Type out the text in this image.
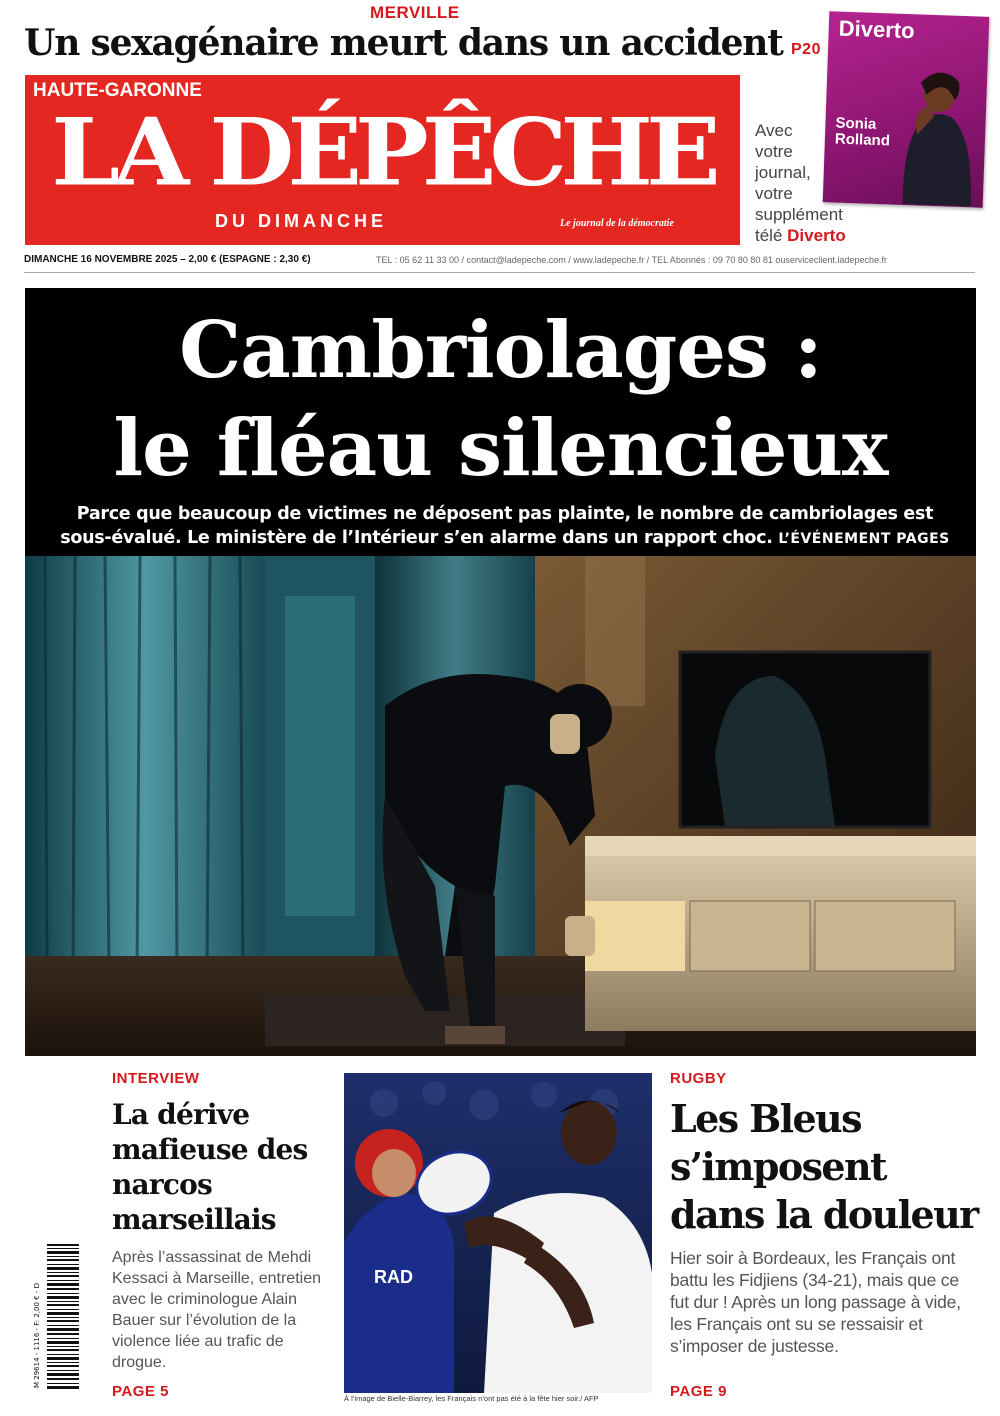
MERVILLE
Un sexagénaire meurt dans un accident P20
HAUTE-GARONNE
LA DÉPÊCHE
DU DIMANCHE	Le journal de la démocratie
Avec
votre
journal,
votre
supplément
télé Diverto
Diverto
Sonia Rolland
DIMANCHE 16 NOVEMBRE 2025 – 2,00 € (ESPAGNE : 2,30 €)	TEL : 05 62 11 33 00 / contact@ladepeche.com / www.ladepeche.fr / TEL Abonnés : 09 70 80 80 81 ouserviceclient.ladepeche.fr
Cambriolages :
le fléau silencieux
Parce que beaucoup de victimes ne déposent pas plainte, le nombre de cambriolages est sous-évalué. Le ministère de l’Intérieur s’en alarme dans un rapport choc. L’ÉVÉNEMENT PAGES
INTERVIEW
La dérive mafieuse des narcos marseillais
Après l’assassinat de Mehdi Kessaci à Marseille, entretien avec le criminologue Alain Bauer sur l’évolution de la violence liée au trafic de drogue.
PAGE 5
M 29614 - 1116 - F: 2,00 € - D
RAD
À l’image de Bielle-Biarrey, les Français n’ont pas été à la fête hier soir./ AFP
RUGBY
Les Bleus s’imposent dans la douleur
Hier soir à Bordeaux, les Français ont battu les Fidjiens (34-21), mais que ce fut dur ! Après un long passage à vide, les Français ont su se ressaisir et s’imposer de justesse.
PAGE 9
